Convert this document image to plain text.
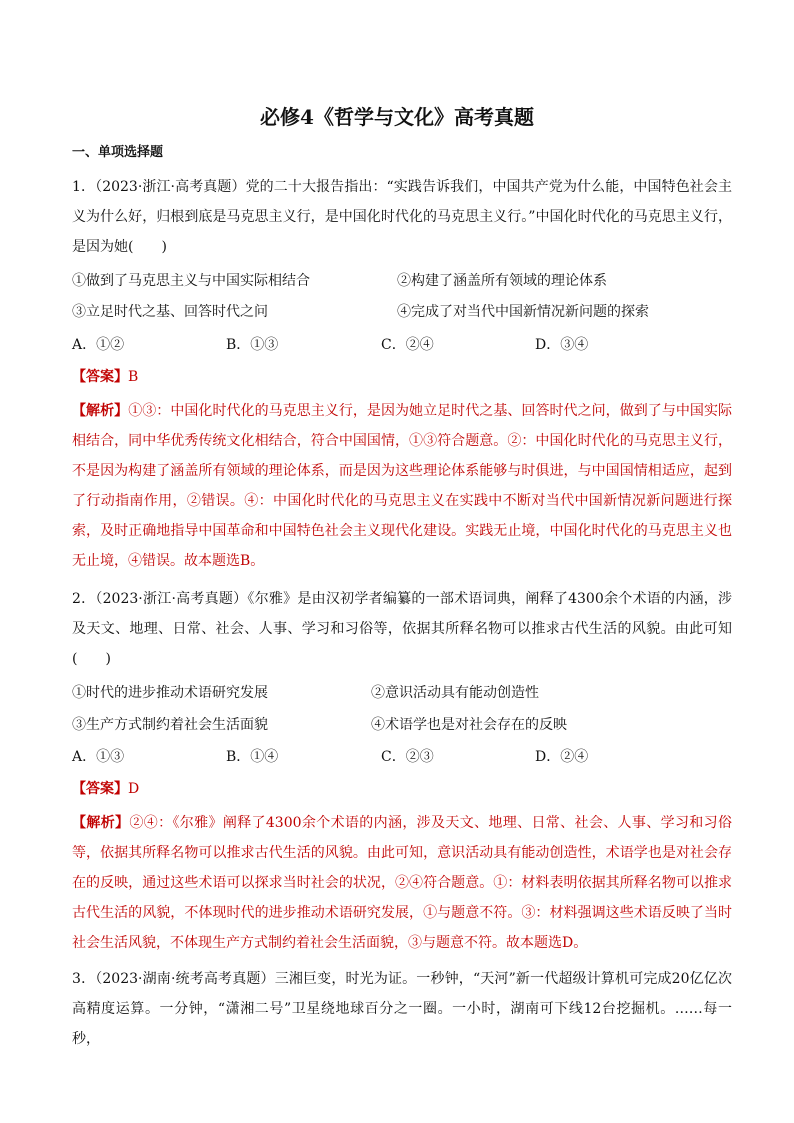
必修4《哲学与文化》高考真题
一、单项选择题

1．（2023·浙江·高考真题）党的二十大报告指出：“实践告诉我们，中国共产党为什么能，中国特色社会主义为什么好，归根到底是马克思主义行，是中国化时代化的马克思主义行。”中国化时代化的马克思主义行，是因为她(　　)

①做到了马克思主义与中国实际相结合	②构建了涵盖所有领域的理论体系
③立足时代之基、回答时代之问	④完成了对当代中国新情况新问题的探索
A．①②	B．①③	C．②④	D．③④
【答案】B

【解析】①③：中国化时代化的马克思主义行，是因为她立足时代之基、回答时代之问，做到了与中国实际相结合，同中华优秀传统文化相结合，符合中国国情，①③符合题意。②：中国化时代化的马克思主义行，不是因为构建了涵盖所有领域的理论体系，而是因为这些理论体系能够与时俱进，与中国国情相适应，起到了行动指南作用，②错误。④：中国化时代化的马克思主义在实践中不断对当代中国新情况新问题进行探索，及时正确地指导中国革命和中国特色社会主义现代化建设。实践无止境，中国化时代化的马克思主义也无止境，④错误。故本题选B。

2．（2023·浙江·高考真题）《尔雅》是由汉初学者编纂的一部术语词典，阐释了4300余个术语的内涵，涉及天文、地理、日常、社会、人事、学习和习俗等，依据其所释名物可以推求古代生活的风貌。由此可知(　　)

①时代的进步推动术语研究发展	②意识活动具有能动创造性
③生产方式制约着社会生活面貌	④术语学也是对社会存在的反映
A．①③	B．①④	C．②③	D．②④
【答案】D

【解析】②④：《尔雅》阐释了4300余个术语的内涵，涉及天文、地理、日常、社会、人事、学习和习俗等，依据其所释名物可以推求古代生活的风貌。由此可知，意识活动具有能动创造性，术语学也是对社会存在的反映，通过这些术语可以探求当时社会的状况，②④符合题意。①：材料表明依据其所释名物可以推求古代生活的风貌，不体现时代的进步推动术语研究发展，①与题意不符。③：材料强调这些术语反映了当时社会生活风貌，不体现生产方式制约着社会生活面貌，③与题意不符。故本题选D。

3．（2023·湖南·统考高考真题）三湘巨变，时光为证。一秒钟，“天河”新一代超级计算机可完成20亿亿次高精度运算。一分钟，“潇湘二号”卫星绕地球百分之一圈。一小时，湖南可下线12台挖掘机。……每一秒，
